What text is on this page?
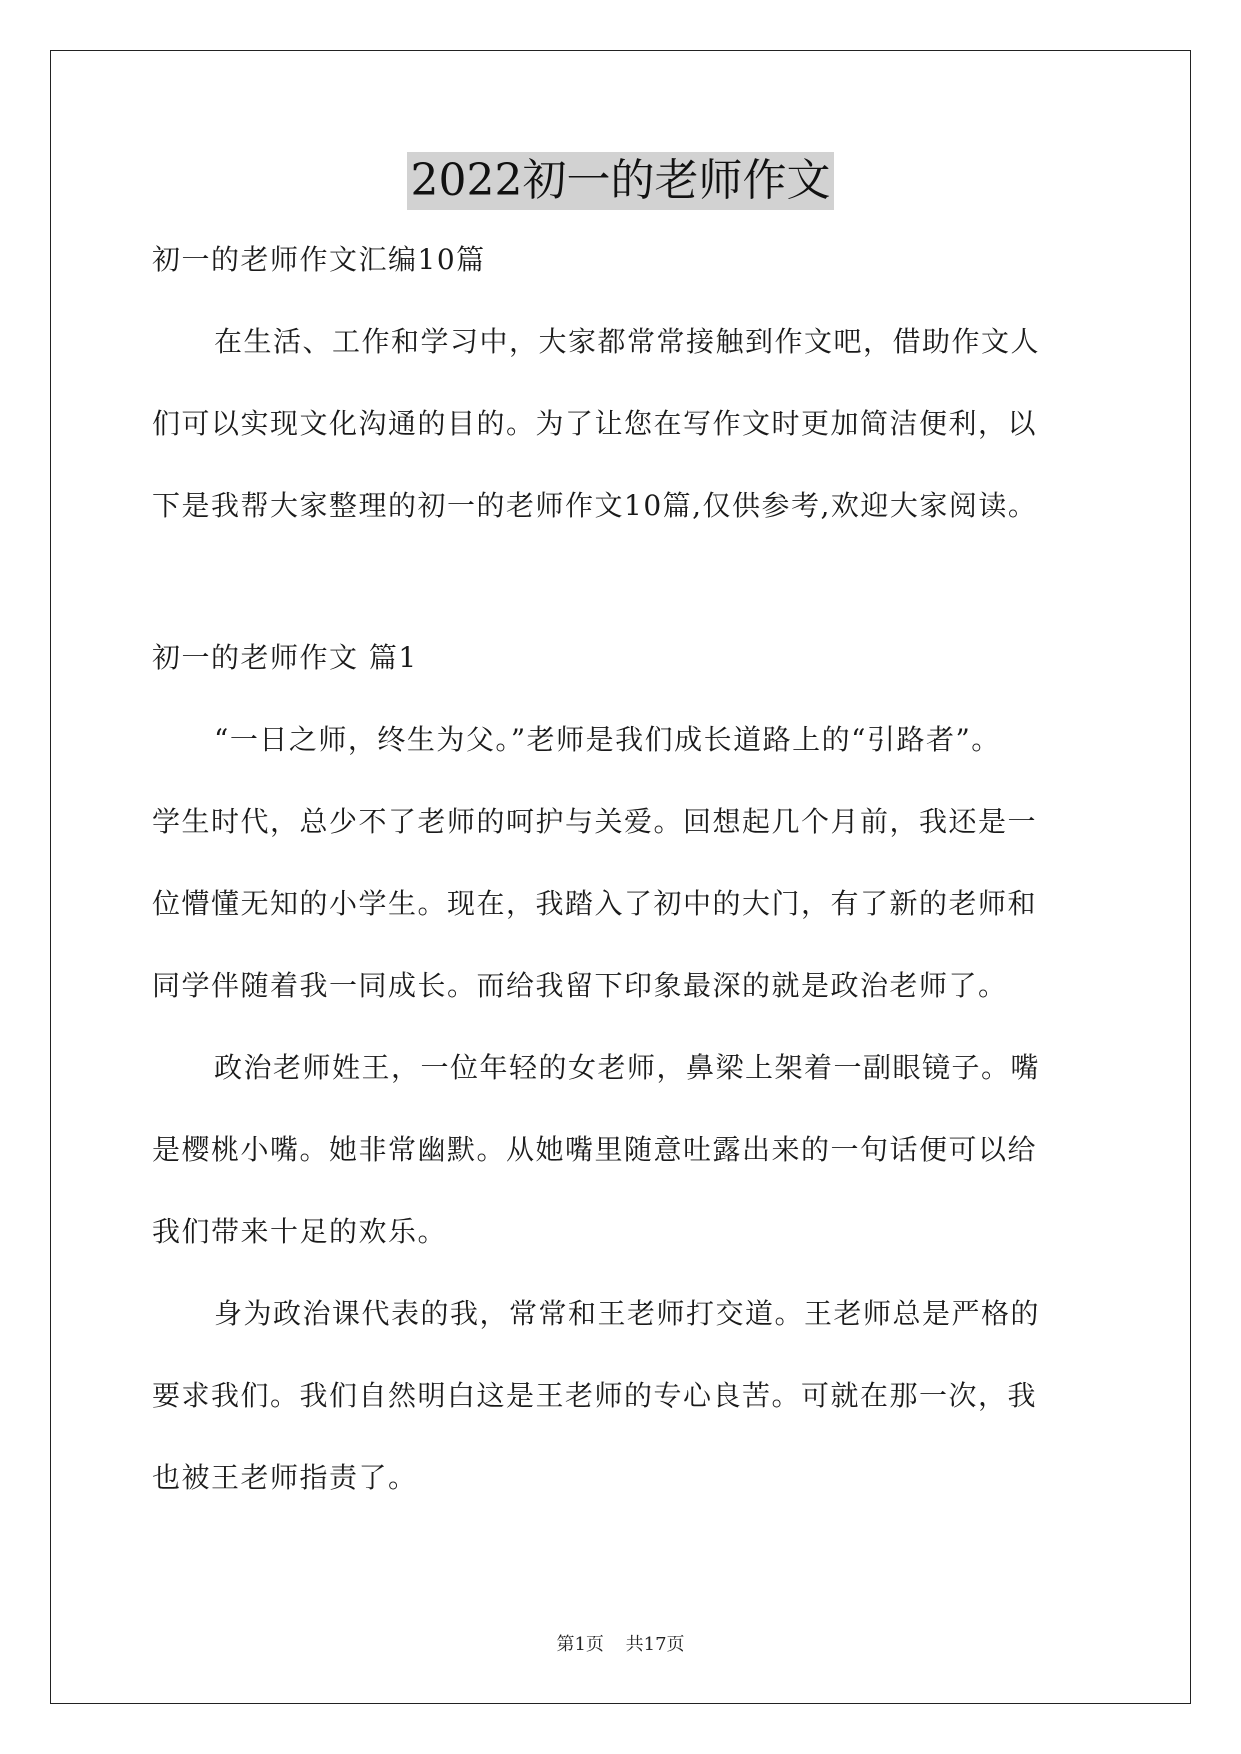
2022初一的老师作文
初一的老师作文汇编10篇
在生活、工作和学习中，大家都常常接触到作文吧，借助作文人
们可以实现文化沟通的目的。为了让您在写作文时更加简洁便利，以
下是我帮大家整理的初一的老师作文10篇,仅供参考,欢迎大家阅读。
初一的老师作文 篇1
“一日之师，终生为父。”老师是我们成长道路上的“引路者”。
学生时代，总少不了老师的呵护与关爱。回想起几个月前，我还是一
位懵懂无知的小学生。现在，我踏入了初中的大门，有了新的老师和
同学伴随着我一同成长。而给我留下印象最深的就是政治老师了。
政治老师姓王，一位年轻的女老师，鼻梁上架着一副眼镜子。嘴
是樱桃小嘴。她非常幽默。从她嘴里随意吐露出来的一句话便可以给
我们带来十足的欢乐。
身为政治课代表的我，常常和王老师打交道。王老师总是严格的
要求我们。我们自然明白这是王老师的专心良苦。可就在那一次，我
也被王老师指责了。
第1页 共17页
